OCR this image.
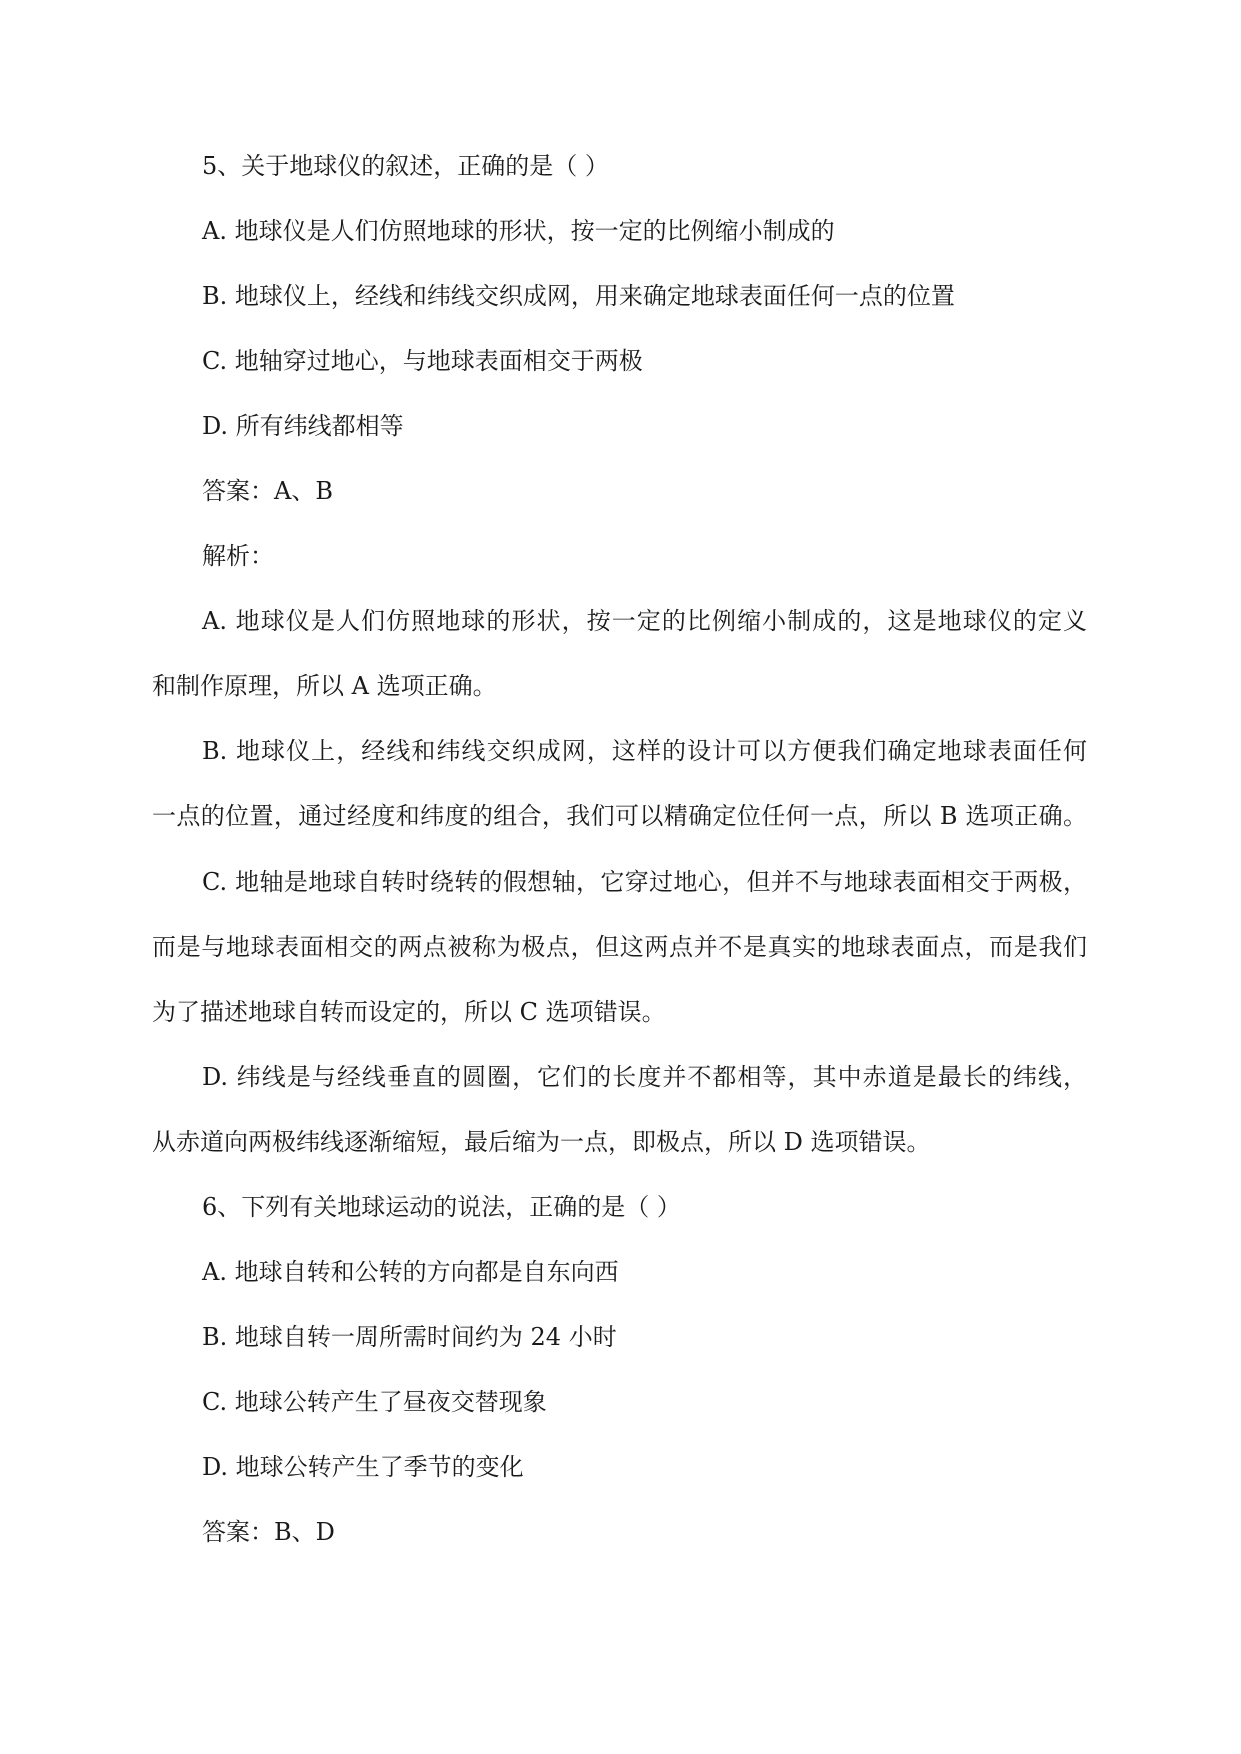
5、关于地球仪的叙述，正确的是（ ）
A. 地球仪是人们仿照地球的形状，按一定的比例缩小制成的
B. 地球仪上，经线和纬线交织成网，用来确定地球表面任何一点的位置
C. 地轴穿过地心，与地球表面相交于两极
D. 所有纬线都相等
答案：A、B
解析：
A. 地球仪是人们仿照地球的形状，按一定的比例缩小制成的，这是地球仪的定义
和制作原理，所以 A 选项正确。
B. 地球仪上，经线和纬线交织成网，这样的设计可以方便我们确定地球表面任何
一点的位置，通过经度和纬度的组合，我们可以精确定位任何一点，所以 B 选项正确。
C. 地轴是地球自转时绕转的假想轴，它穿过地心，但并不与地球表面相交于两极，
而是与地球表面相交的两点被称为极点，但这两点并不是真实的地球表面点，而是我们
为了描述地球自转而设定的，所以 C 选项错误。
D. 纬线是与经线垂直的圆圈，它们的长度并不都相等，其中赤道是最长的纬线，
从赤道向两极纬线逐渐缩短，最后缩为一点，即极点，所以 D 选项错误。
6、下列有关地球运动的说法，正确的是（ ）
A. 地球自转和公转的方向都是自东向西
B. 地球自转一周所需时间约为 24 小时
C. 地球公转产生了昼夜交替现象
D. 地球公转产生了季节的变化
答案：B、D
